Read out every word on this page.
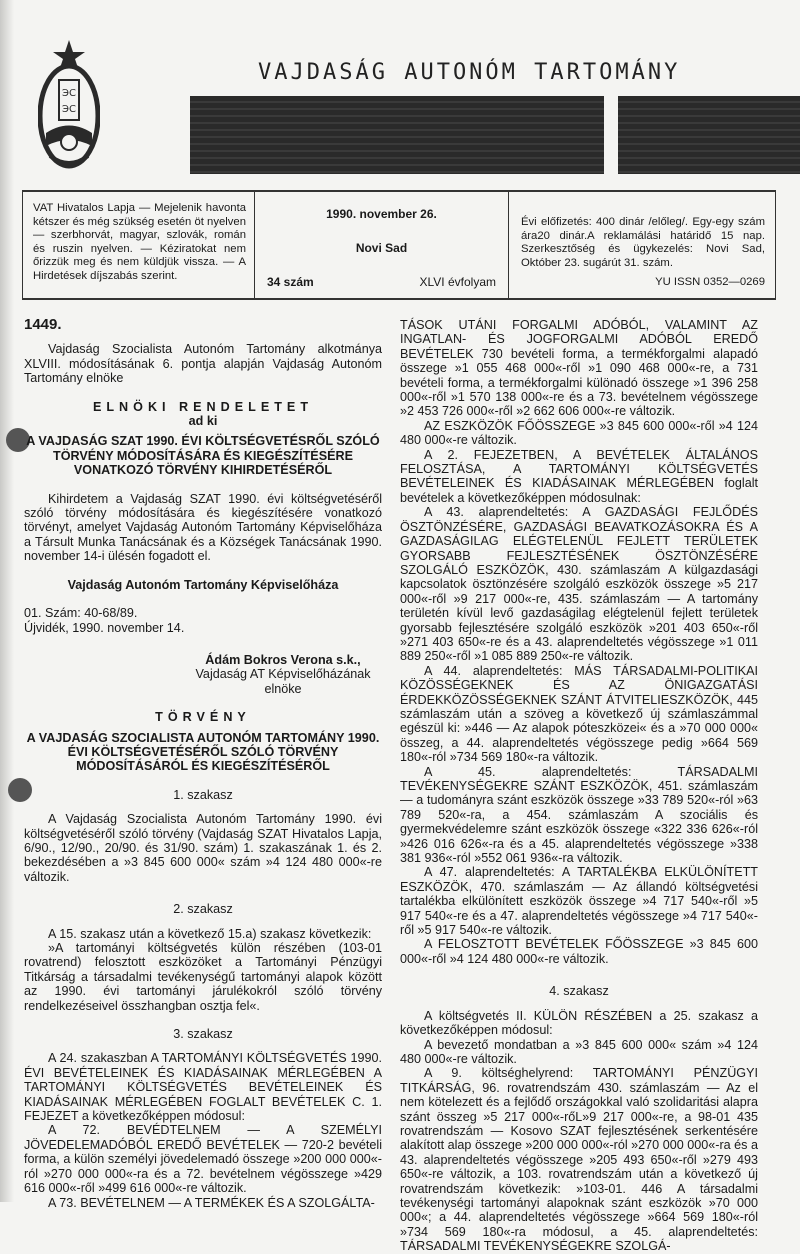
ЭС
ЭС
VAJDASÁG AUTONÓM TARTOMÁNY
VAT Hivatalos Lapja — Mejelenik havonta kétszer és még szükség esetén öt nyelven — szerbhorvát, magyar, szlovák, román és ruszin nyelven. — Kéziratokat nem őrizzük meg és nem küldjük vissza. — A Hirdetések díjszabás szerint.
1990. november 26.
Novi Sad
34 szám	XLVI évfolyam
Évi előfizetés: 400 dinár /előleg/. Egy-egy szám ára20 dinár.A reklamálási határidő 15 nap. Szerkesztőség és ügykezelés: Novi Sad, Október 23. sugárút 31. szám.
YU ISSN 0352—0269

1449.

Vajdaság Szocialista Autonóm Tartomány alkotmánya XLVIII. módosításának 6. pontja alapján Vajdaság Autonóm Tartomány elnöke

ELNÖKI RENDELETET

ad ki

A VAJDASÁG SZAT 1990. ÉVI KÖLTSÉGVETÉSRŐL SZÓLÓ TÖRVÉNY MÓDOSÍTÁSÁRA ÉS KIEGÉSZÍTÉSÉRE VONATKOZÓ TÖRVÉNY KIHIRDETÉSÉRŐL

Kihirdetem a Vajdaság SZAT 1990. évi költségvetéséről szóló törvény módosítására és kiegészítésére vonatkozó törvényt, amelyet Vajdaság Autonóm Tartomány Képviselőháza a Társult Munka Tanácsának és a Községek Tanácsának 1990. november 14-i ülésén fogadott el.

Vajdaság Autonóm Tartomány Képviselőháza

01. Szám: 40-68/89.

Újvidék, 1990. november 14.

Ádám Bokros Verona s.k.,

Vajdaság AT Képviselőházának

elnöke

TÖRVÉNY

A VAJDASÁG SZOCIALISTA AUTONÓM TARTOMÁNY 1990. ÉVI KÖLTSÉGVETÉSÉRŐL SZÓLÓ TÖRVÉNY MÓDOSÍTÁSÁRÓL ÉS KIEGÉSZÍTÉSÉRŐL

1. szakasz

A Vajdaság Szocialista Autonóm Tartomány 1990. évi költségvetéséről szóló törvény (Vajdaság SZAT Hivatalos Lapja, 6/90., 12/90., 20/90. és 31/90. szám) 1. szakaszának 1. és 2. bekezdésében a »3 845 600 000« szám »4 124 480 000«-re változik.

2. szakasz

A 15. szakasz után a következő 15.a) szakasz következik:

»A tartományi költségvetés külön részében (103-01 rovatrend) felosztott eszközöket a Tartományi Pénzügyi Titkárság a társadalmi tevékenységű tartományi alapok között az 1990. évi tartományi járulékokról szóló törvény rendelkezéseivel összhangban osztja fel«.

3. szakasz

A 24. szakaszban A TARTOMÁNYI KÖLTSÉGVETÉS 1990. ÉVI BEVÉTELEINEK ÉS KIADÁSAINAK MÉRLEGÉBEN A TARTOMÁNYI KÖLTSÉGVETÉS BEVÉTELEINEK ÉS KIADÁSAINAK MÉRLEGÉBEN FOGLALT BEVÉTELEK C. 1. FEJEZET a következőképpen módosul:

A 72. BEVÉDTELNEM — A SZEMÉLYI JÖVEDELEMADÓBÓL EREDŐ BEVÉTELEK — 720-2 bevételi forma, a külön személyi jövedelemadó összege »200 000 000«-ról »270 000 000«-ra és a 72. bevételnem végösszege »429 616 000«-ről »499 616 000«-re változik.

A 73. BEVÉTELNEM — A TERMÉKEK ÉS A SZOLGÁLTA-

TÁSOK UTÁNI FORGALMI ADÓBÓL, VALAMINT AZ INGATLAN- ÉS JOGFORGALMI ADÓBÓL EREDŐ BEVÉTELEK 730 bevételi forma, a termékforgalmi alapadó összege »1 055 468 000«-ről »1 090 468 000«-re, a 731 bevételi forma, a termékforgalmi különadó összege »1 396 258 000«-ről »1 570 138 000«-re és a 73. bevételnem végösszege »2 453 726 000«-ről »2 662 606 000«-re változik.

AZ ESZKÖZÖK FŐÖSSZEGE »3 845 600 000«-ről »4 124 480 000«-re változik.

A 2. FEJEZETBEN, A BEVÉTELEK ÁLTALÁNOS FELOSZTÁSA, A TARTOMÁNYI KÖLTSÉGVETÉS BEVÉTELEINEK ÉS KIADÁSAINAK MÉRLEGÉBEN foglalt bevételek a következőképpen módosulnak:

A 43. alaprendeltetés: A GAZDASÁGI FEJLŐDÉS ÖSZTÖNZÉSÉRE, GAZDASÁGI BEAVATKOZÁSOKRA ÉS A GAZDASÁGILAG ELÉGTELENÜL FEJLETT TERÜLETEK GYORSABB FEJLESZTÉSÉNEK ÖSZTÖNZÉSÉRE SZOLGÁLÓ ESZKÖZÖK, 430. számlaszám A külgazdasági kapcsolatok ösztönzésére szolgáló eszközök összege »5 217 000«-ről »9 217 000«-re, 435. számlaszám — A tartomány területén kívül levő gazdaságilag elégtelenül fejlett területek gyorsabb fejlesztésére szolgáló eszközök »201 403 650«-ről »271 403 650«-re és a 43. alaprendeltetés végösszege »1 011 889 250«-ről »1 085 889 250«-re változik.

A 44. alaprendeltetés: MÁS TÁRSADALMI-POLITIKAI KÖZÖSSÉGEKNEK ÉS AZ ÖNIGAZGATÁSI ÉRDEKKÖZÖSSÉGEKNEK SZÁNT ÁTVITELIESZKÖZÖK, 445 számlaszám után a szöveg a következő új számlaszámmal egészül ki: »446 — Az alapok póteszközei« és a »70 000 000« összeg, a 44. alaprendeltetés végösszege pedig »664 569 180«-ról »734 569 180«-ra változik.

A 45. alaprendeltetés: TÁRSADALMI TEVÉKENYSÉGEKRE SZÁNT ESZKÖZÖK, 451. számlaszám — a tudományra szánt eszközök összege »33 789 520«-ról »63 789 520«-ra, a 454. számlaszám A szociális és gyermekvédelemre szánt eszközök összege «322 336 626«-ról »426 016 626«-ra és a 45. alaprendeltetés végösszege »338 381 936«-ról »552 061 936«-ra változik.

A 47. alaprendeltetés: A TARTALÉKBA ELKÜLÖNÍTETT ESZKÖZÖK, 470. számlaszám — Az állandó költségvetési tartalékba elkülönített eszközök összege »4 717 540«-ről »5 917 540«-re és a 47. alaprendeltetés végösszege »4 717 540«-ről »5 917 540«-re változik.

A FELOSZTOTT BEVÉTELEK FŐÖSSZEGE »3 845 600 000«-ről »4 124 480 000«-re változik.

4. szakasz

A költségvetés II. KÜLÖN RÉSZÉBEN a 25. szakasz a következőképpen módosul:

A bevezető mondatban a »3 845 600 000« szám »4 124 480 000«-re változik.

A 9. költséghelyrend: TARTOMÁNYI PÉNZÜGYI TITKÁRSÁG, 96. rovatrendszám 430. számlaszám — Az el nem kötelezett és a fejlődő országokkal való szolidaritási alapra szánt összeg »5 217 000«-rőL»9 217 000«-re, a 98-01 435 rovatrendszám — Kosovo SZAT fejlesztésének serkentésére alakított alap összege »200 000 000«-ról »270 000 000«-ra és a 43. alaprendeltetés végösszege »205 493 650«-ről »279 493 650«-re változik, a 103. rovatrendszám után a következő új rovatrendszám következik: »103-01. 446 A társadalmi tevékenységi tartományi alapoknak szánt eszközök »70 000 000«; a 44. alaprendeltetés végösszege »664 569 180«-ról »734 569 180«-ra módosul, a 45. alaprendeltetés: TÁRSADALMI TEVÉKENYSÉGEKRE SZOLGÁ-
